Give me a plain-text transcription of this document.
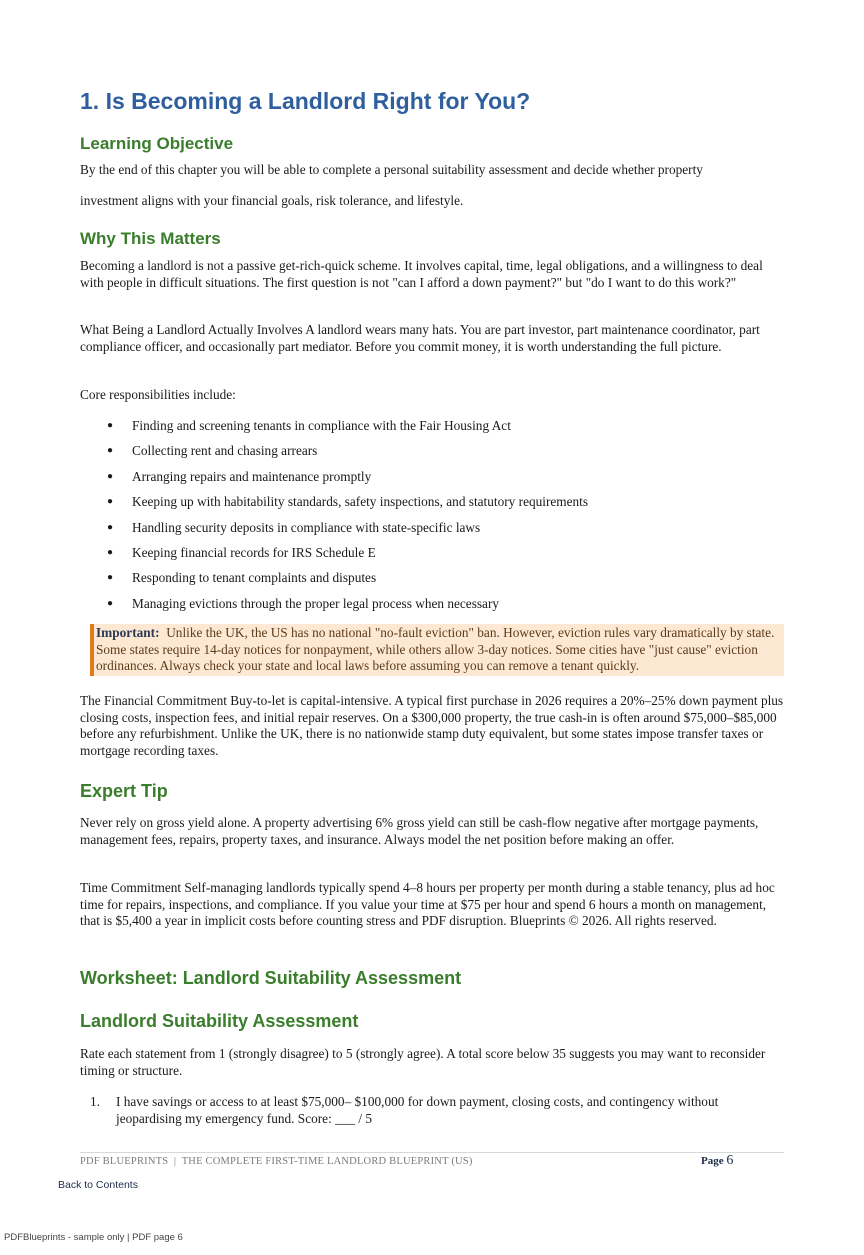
1. Is Becoming a Landlord Right for You?
Learning Objective

By the end of this chapter you will be able to complete a personal suitability assessment and decide whether property

investment aligns with your financial goals, risk tolerance, and lifestyle.

Why This Matters

Becoming a landlord is not a passive get-rich-quick scheme. It involves capital, time, legal obligations, and a willingness to deal with people in difficult situations. The first question is not "can I afford a down payment?" but "do I want to do this work?"

What Being a Landlord Actually Involves A landlord wears many hats. You are part investor, part maintenance coordinator, part compliance officer, and occasionally part mediator. Before you commit money, it is worth understanding the full picture.

Core responsibilities include:

● Finding and screening tenants in compliance with the Fair Housing Act
● Collecting rent and chasing arrears
● Arranging repairs and maintenance promptly
● Keeping up with habitability standards, safety inspections, and statutory requirements
● Handling security deposits in compliance with state-specific laws
● Keeping financial records for IRS Schedule E
● Responding to tenant complaints and disputes
● Managing evictions through the proper legal process when necessary
Important: Unlike the UK, the US has no national "no-fault eviction" ban. However, eviction rules vary dramatically by state. Some states require 14-day notices for nonpayment, while others allow 3-day notices. Some cities have "just cause" eviction ordinances. Always check your state and local laws before assuming you can remove a tenant quickly.

The Financial Commitment Buy-to-let is capital-intensive. A typical first purchase in 2026 requires a 20%–25% down payment plus closing costs, inspection fees, and initial repair reserves. On a $300,000 property, the true cash-in is often around $75,000–$85,000 before any refurbishment. Unlike the UK, there is no nationwide stamp duty equivalent, but some states impose transfer taxes or mortgage recording taxes.

Expert Tip

Never rely on gross yield alone. A property advertising 6% gross yield can still be cash-flow negative after mortgage payments, management fees, repairs, property taxes, and insurance. Always model the net position before making an offer.

Time Commitment Self-managing landlords typically spend 4–8 hours per property per month during a stable tenancy, plus ad hoc time for repairs, inspections, and compliance. If you value your time at $75 per hour and spend 6 hours a month on management, that is $5,400 a year in implicit costs before counting stress and PDF disruption. Blueprints © 2026. All rights reserved.

Worksheet: Landlord Suitability Assessment
Landlord Suitability Assessment

Rate each statement from 1 (strongly disagree) to 5 (strongly agree). A total score below 35 suggests you may want to reconsider timing or structure.

1. I have savings or access to at least $75,000– $100,000 for down payment, closing costs, and contingency without jeopardising my emergency fund. Score: ___ / 5
PDF BLUEPRINTS  |  THE COMPLETE FIRST-TIME LANDLORD BLUEPRINT (US)	Page 6
Back to Contents
PDFBlueprints - sample only | PDF page 6
